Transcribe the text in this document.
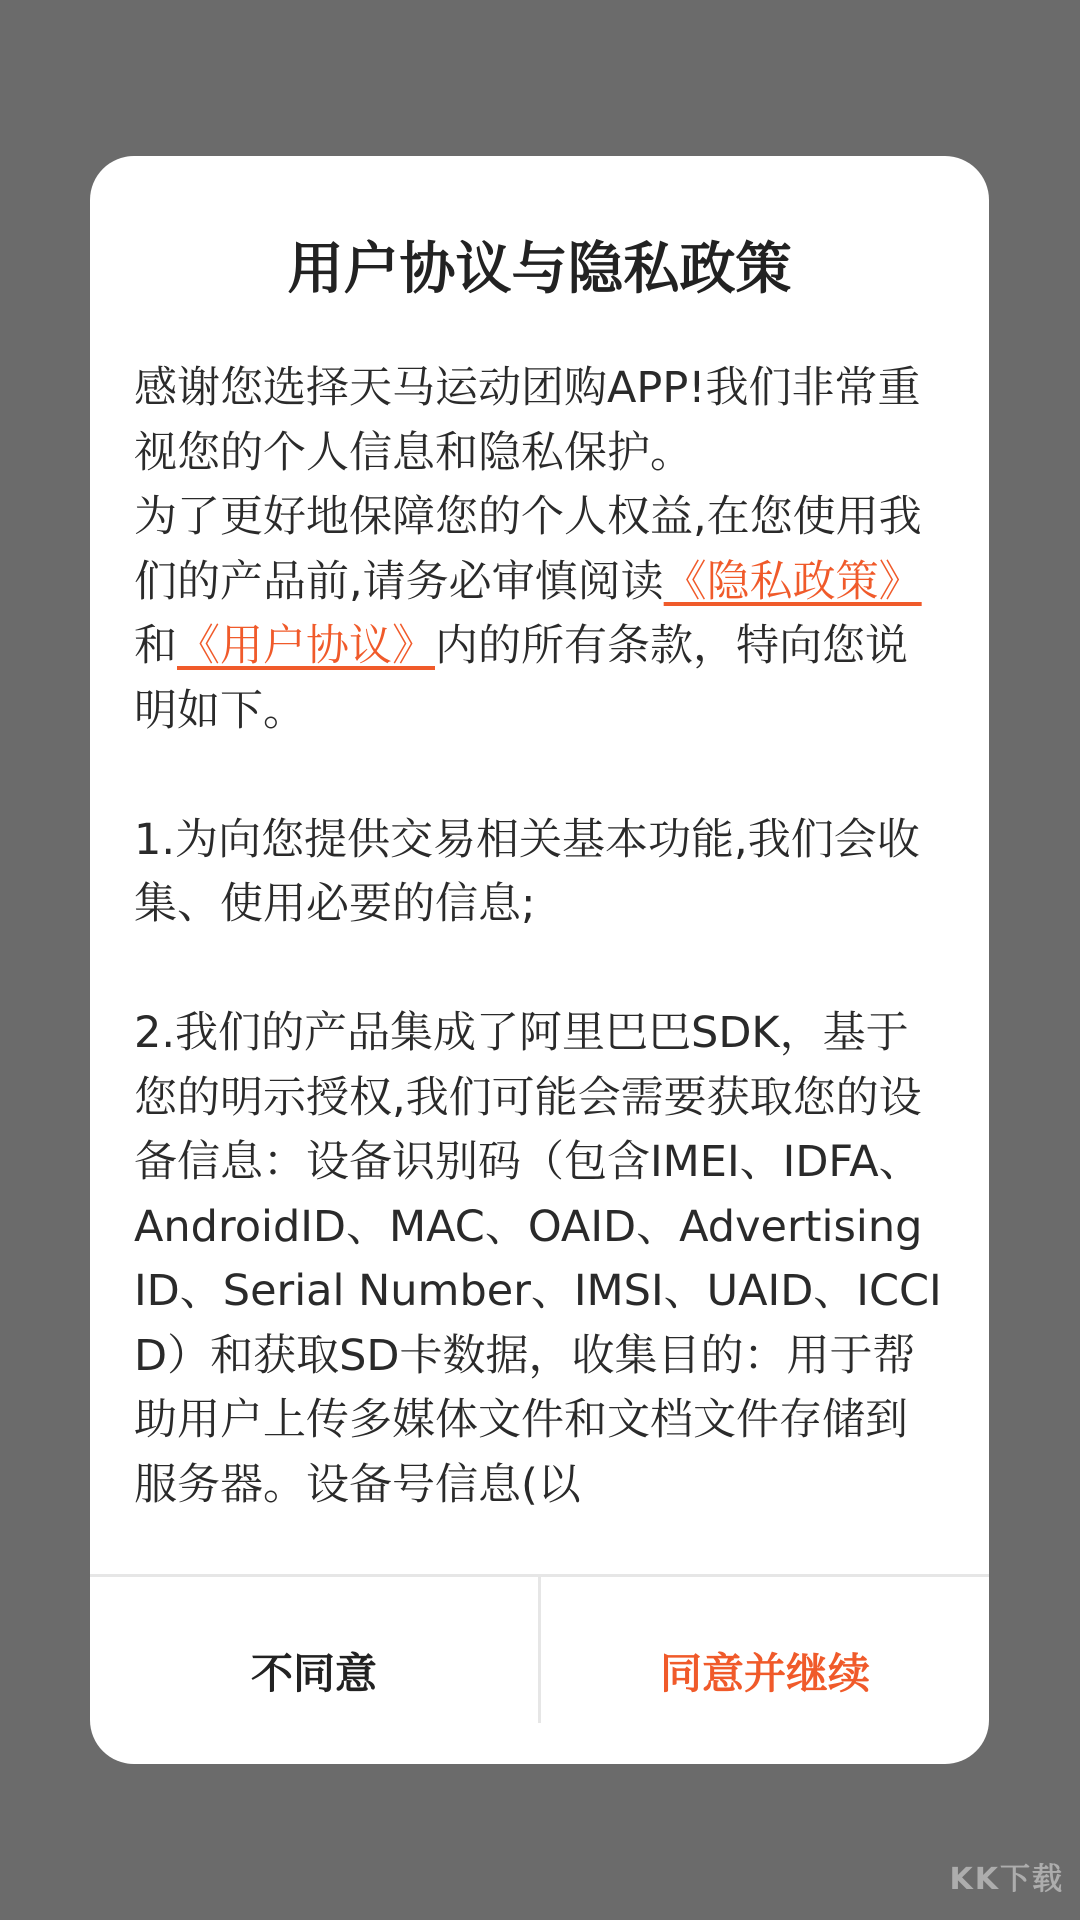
用户协议与隐私政策

感谢您选择天马运动团购APP!我们非常重视您的个人信息和隐私保护。

为了更好地保障您的个人权益,在您使用我们的产品前,请务必审慎阅读《隐私政策》和《用户协议》内的所有条款，特向您说明如下。

1.为向您提供交易相关基本功能,我们会收集、使用必要的信息;

2.我们的产品集成了阿里巴巴SDK，基于您的明示授权,我们可能会需要获取您的设备信息：设备识别码（包含IMEI、IDFA、AndroidID、MAC、OAID、Advertising ID、Serial Number、IMSI、UAID、ICCID）和获取SD卡数据，收集目的：用于帮助用户上传多媒体文件和文档文件存储到服务器。设备号信息(以

不同意	同意并继续
KK下载
